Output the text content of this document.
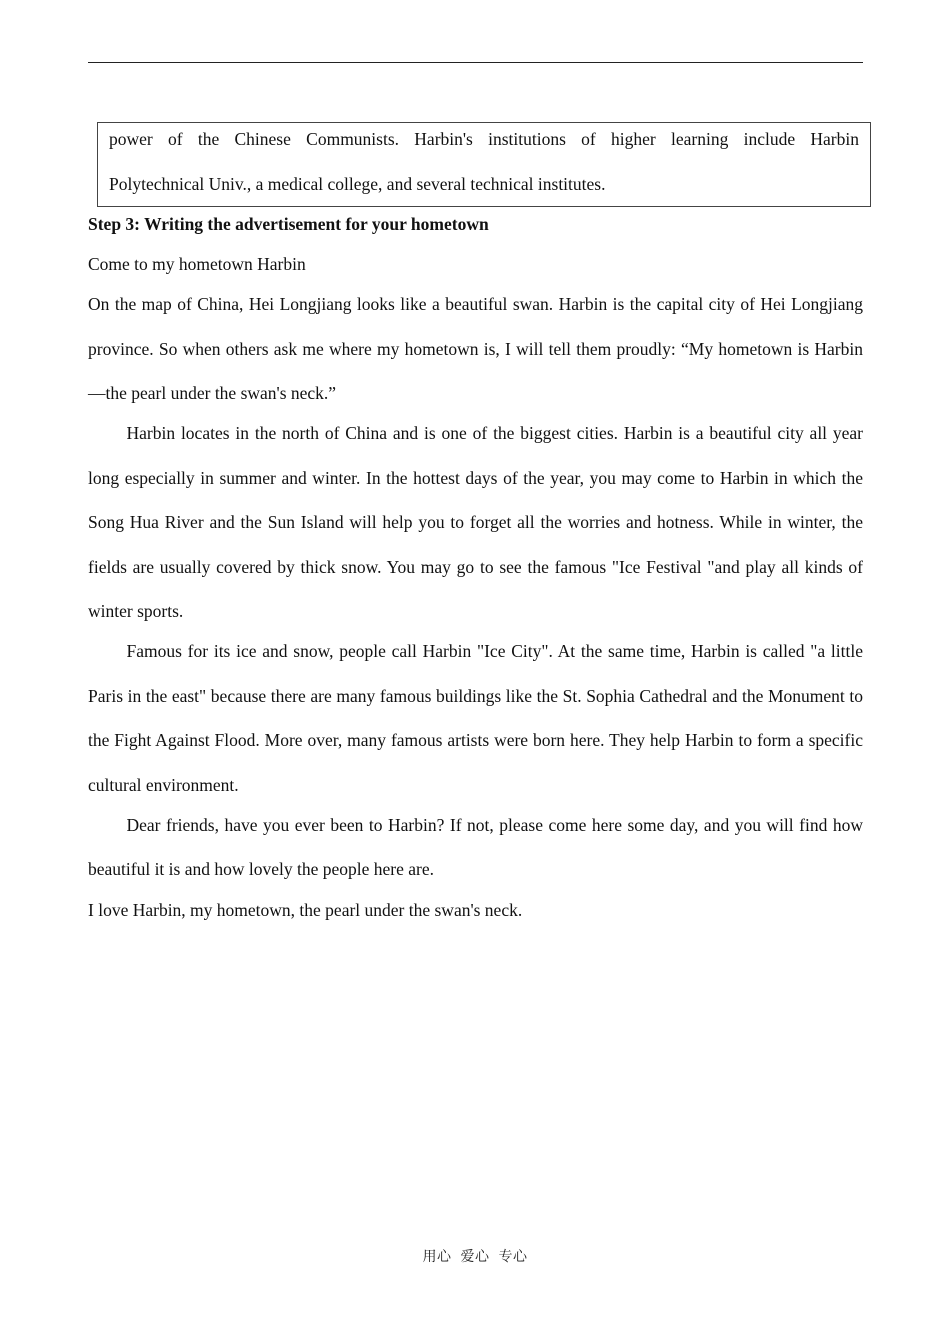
power of the Chinese Communists. Harbin's institutions of higher learning include Harbin

Polytechnical Univ., a medical college, and several technical institutes.

Step 3: Writing the advertisement for your hometown

Come to my hometown Harbin

On the map of China, Hei Longjiang looks like a beautiful swan. Harbin is the capital city of Hei Longjiang province. So when others ask me where my hometown is, I will tell them proudly: “My hometown is Harbin—the pearl under the swan's neck.”

Harbin locates in the north of China and is one of the biggest cities. Harbin is a beautiful city all year long especially in summer and winter. In the hottest days of the year, you may come to Harbin in which the Song Hua River and the Sun Island will help you to forget all the worries and hotness. While in winter, the fields are usually covered by thick snow. You may go to see the famous "Ice Festival "and play all kinds of winter sports.

Famous for its ice and snow, people call Harbin "Ice City". At the same time, Harbin is called "a little Paris in the east" because there are many famous buildings like the St. Sophia Cathedral and the Monument to the Fight Against Flood. More over, many famous artists were born here. They help Harbin to form a specific cultural environment.

Dear friends, have you ever been to Harbin? If not, please come here some day, and you will find how beautiful it is and how lovely the people here are.

I love Harbin, my hometown, the pearl under the swan's neck.

用心 爱心 专心
